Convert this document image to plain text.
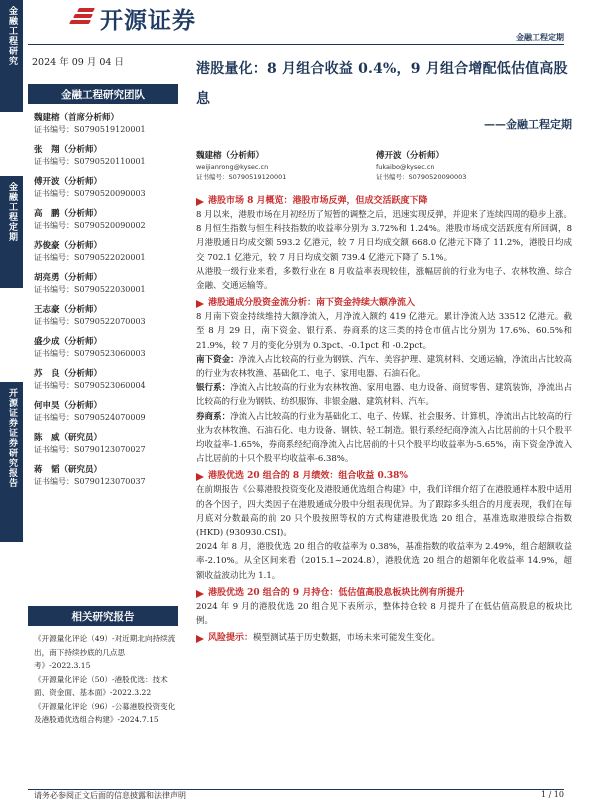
金
融
工
程
研
究
金
融
工
程
定
期
开
源
证
券
证
券
研
究
报
告
开源证券
金融工程定期
2024 年 09 月 04 日
金融工程研究团队
魏建榕（首席分析师）
证书编号：S0790519120001
张　翔（分析师）
证书编号：S0790520110001
傅开波（分析师）
证书编号：S0790520090003
高　鹏（分析师）
证书编号：S0790520090002
苏俊豪（分析师）
证书编号：S0790522020001
胡亮勇（分析师）
证书编号：S0790522030001
王志豪（分析师）
证书编号：S0790522070003
盛少成（分析师）
证书编号：S0790523060003
苏　良（分析师）
证书编号：S0790523060004
何申昊（分析师）
证书编号：S0790524070009
陈　威（研究员）
证书编号：S0790123070027
蒋　韬（研究员）
证书编号：S0790123070037
相关研究报告

《开源量化评论（49）-对近期北向持续流出，南下持续抄底的几点思考》-2022.3.15

《开源量化评论（50）-港股优选：技术面、资金面、基本面》-2022.3.22

《开源量化评论（96）-公募港股投资变化及港股通优选组合构建》-2024.7.15

港股量化：8 月组合收益 0.4%，9 月组合增配低估值高股息
——金融工程定期
魏建榕（分析师）
weijianrong@kysec.cn
证书编号：S0790519120001
傅开波（分析师）
fukaibo@kysec.cn
证书编号：S0790520090003
港股市场 8 月概览：港股市场反弹，但成交活跃度下降

8 月以来，港股市场在月初经历了短暂的调整之后，迅速实现反弹，并迎来了连续四周的稳步上涨。8 月恒生指数与恒生科技指数的收益率分别为 3.72%和 1.24%。港股市场成交活跃度有所回调，8 月港股通日均成交额 593.2 亿港元，较 7 月日均成交额 668.0 亿港元下降了 11.2%，港股日均成交 702.1 亿港元，较 7 月日均成交额 739.4 亿港元下降了 5.1%。

从港股一级行业来看，多数行业在 8 月收益率表现较佳，涨幅居前的行业为电子、农林牧渔、综合金融、交通运输等。

港股通成分股资金流分析：南下资金持续大额净流入

8 月南下资金持续维持大额净流入，月净流入额约 419 亿港元。累计净流入达 33512 亿港元。截至 8 月 29 日，南下资金、银行系、券商系的这三类的持仓市值占比分别为 17.6%、60.5%和 21.9%，较 7 月的变化分别为 0.3pct、-0.1pct 和 -0.2pct。

南下资金：净流入占比较高的行业为钢铁、汽车、美容护理、建筑材料、交通运输，净流出占比较高的行业为农林牧渔、基础化工、电子、家用电器、石油石化。

银行系：净流入占比较高的行业为农林牧渔、家用电器、电力设备、商贸零售、建筑装饰，净流出占比较高的行业为钢铁、纺织服饰、非银金融、建筑材料、汽车。

券商系：净流入占比较高的行业为基础化工、电子、传媒、社会服务、计算机，净流出占比较高的行业为农林牧渔、石油石化、电力设备、钢铁、轻工制造。银行系经纪商净流入占比居前的十只个股平均收益率-1.65%，券商系经纪商净流入占比居前的十只个股平均收益率为-5.65%，南下资金净流入占比居前的十只个股平均收益率-6.38%。

港股优选 20 组合的 8 月绩效：组合收益 0.38%

在前期报告《公募港股投资变化及港股通优选组合构建》中，我们详细介绍了在港股通样本股中适用的各个因子，四大类因子在港股通成分股中分组表现优异。为了跟踪多头组合的月度表现，我们在每月底对分数最高的前 20 只个股按照等权的方式构建港股优选 20 组合，基准选取港股综合指数(HKD) (930930.CSI)。

2024 年 8 月，港股优选 20 组合的收益率为 0.38%，基准指数的收益率为 2.49%，组合超额收益率-2.10%。从全区间来看（2015.1~2024.8），港股优选 20 组合的超额年化收益率 14.9%，超额收益波动比为 1.1。

港股优选 20 组合的 9 月持仓：低估值高股息板块比例有所提升

2024 年 9 月的港股优选 20 组合见下表所示，整体持仓较 8 月提升了在低估值高股息的板块比例。

风险提示： 模型测试基于历史数据，市场未来可能发生变化。
请务必参阅正文后面的信息披露和法律声明	1 / 10
